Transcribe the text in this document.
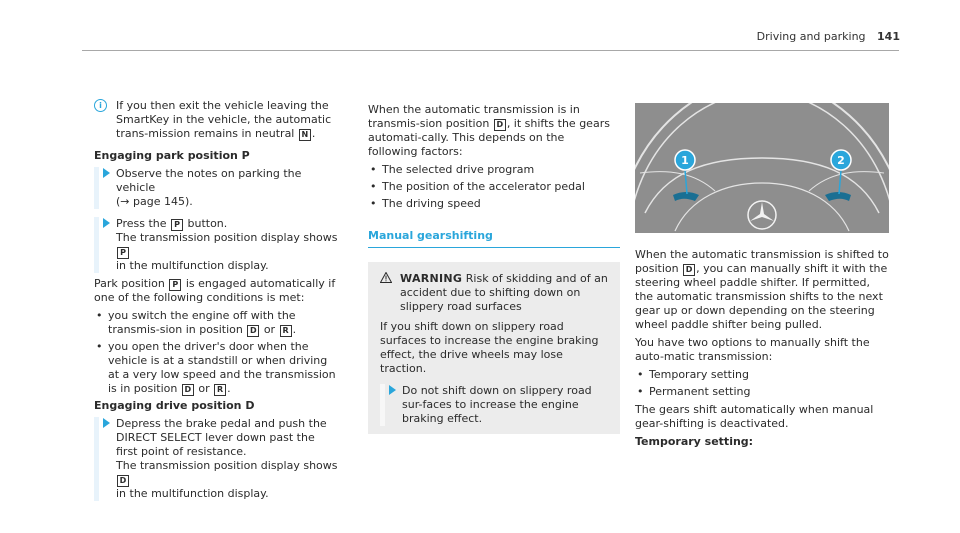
Driving and parking 141
i	If you then exit the vehicle leaving the SmartKey in the vehicle, the automatic trans-mission remains in neutral N .
Engaging park position P
Observe the notes on parking the vehicle
(→ page 145).
Press the P button.
The transmission position display shows P
in the multifunction display.
Park position P is engaged automatically if one of the following conditions is met:
• you switch the engine off with the transmis-sion in position D or R .
• you open the driver's door when the vehicle is at a standstill or when driving at a very low speed and the transmission is in position D or R .
Engaging drive position D
Depress the brake pedal and push the DIRECT SELECT lever down past the first point of resistance.
The transmission position display shows D
in the multifunction display.
When the automatic transmission is in transmis-sion position D , it shifts the gears automati-cally. This depends on the following factors:
• The selected drive program
• The position of the accelerator pedal
• The driving speed
Manual gearshifting
WARNING Risk of skidding and of an accident due to shifting down on slippery road surfaces
If you shift down on slippery road surfaces to increase the engine braking effect, the drive wheels may lose traction.
Do not shift down on slippery road sur-faces to increase the engine braking effect.
1	2
When the automatic transmission is shifted to position D , you can manually shift it with the steering wheel paddle shifter. If permitted, the automatic transmission shifts to the next gear up or down depending on the steering wheel paddle shifter being pulled.
You have two options to manually shift the auto-matic transmission:
• Temporary setting
• Permanent setting
The gears shift automatically when manual gear-shifting is deactivated.
Temporary setting:
